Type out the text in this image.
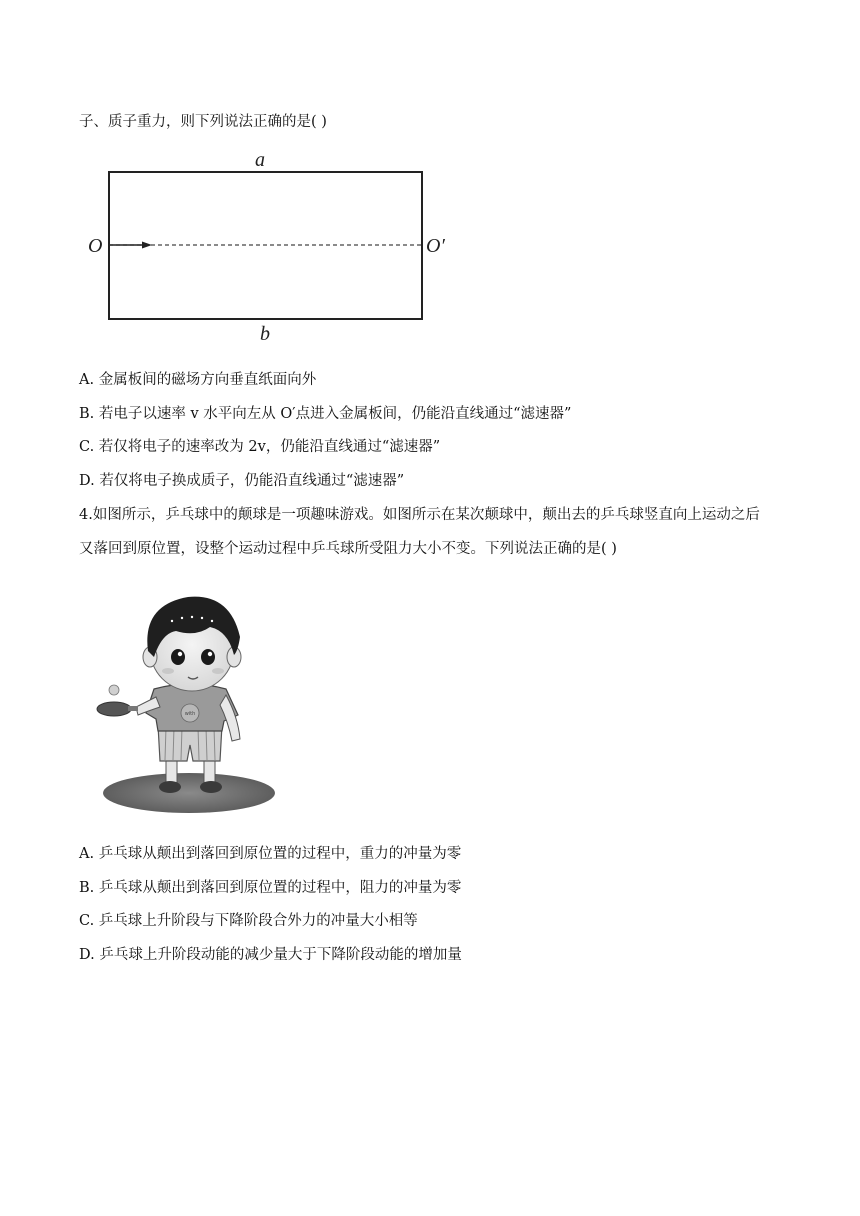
子、质子重力，则下列说法正确的是( )
a
b
O	O′
A. 金属板间的磁场方向垂直纸面向外
B. 若电子以速率 v 水平向左从 O′点进入金属板间，仍能沿直线通过“滤速器”
C. 若仅将电子的速率改为 2v，仍能沿直线通过“滤速器”
D. 若仅将电子换成质子，仍能沿直线通过“滤速器”
4.如图所示，乒乓球中的颠球是一项趣味游戏。如图所示在某次颠球中，颠出去的乒乓球竖直向上运动之后
又落回到原位置，设整个运动过程中乒乓球所受阻力大小不变。下列说法正确的是( )
with
A. 乒乓球从颠出到落回到原位置的过程中，重力的冲量为零
B. 乒乓球从颠出到落回到原位置的过程中，阻力的冲量为零
C. 乒乓球上升阶段与下降阶段合外力的冲量大小相等
D. 乒乓球上升阶段动能的减少量大于下降阶段动能的增加量
